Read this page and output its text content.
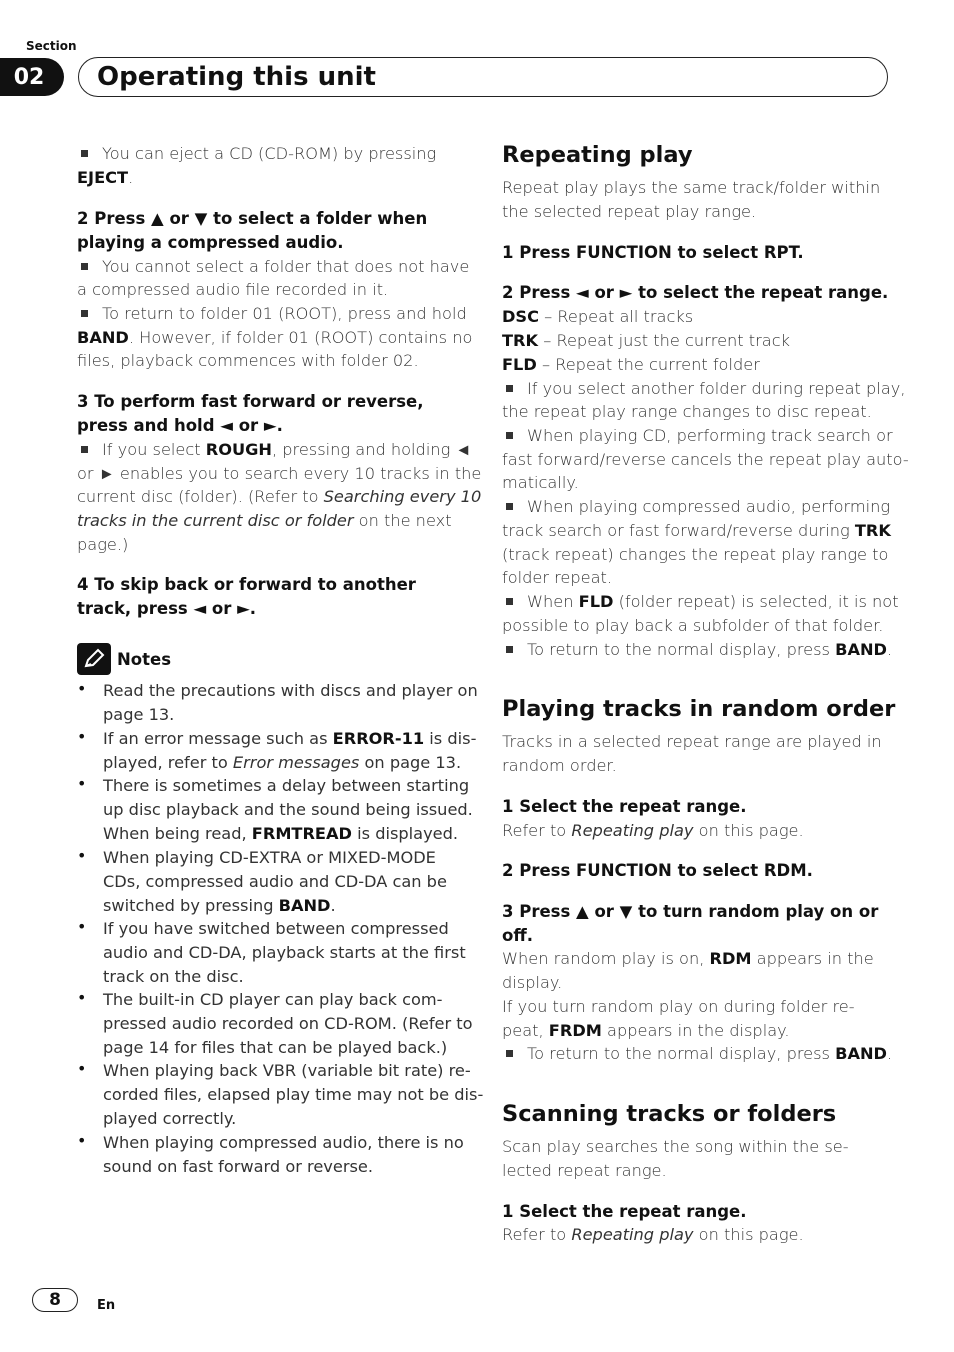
Section
02	Operating this unit
You can eject a CD (CD-ROM) by pressing
EJECT.
2 Press ▲ or ▼ to select a folder when
playing a compressed audio.
You cannot select a folder that does not have
a compressed audio file recorded in it.
To return to folder 01 (ROOT), press and hold
BAND. However, if folder 01 (ROOT) contains no
files, playback commences with folder 02.
3 To perform fast forward or reverse,
press and hold ◄ or ►.
If you select ROUGH, pressing and holding ◄
or ► enables you to search every 10 tracks in the
current disc (folder). (Refer to Searching every 10
tracks in the current disc or folder on the next
page.)
4 To skip back or forward to another
track, press ◄ or ►.
Notes
• Read the precautions with discs and player on
page 13.
• If an error message such as ERROR-11 is dis-
played, refer to Error messages on page 13.
• There is sometimes a delay between starting
up disc playback and the sound being issued.
When being read, FRMTREAD is displayed.
• When playing CD-EXTRA or MIXED-MODE
CDs, compressed audio and CD-DA can be
switched by pressing BAND.
• If you have switched between compressed
audio and CD-DA, playback starts at the first
track on the disc.
• The built-in CD player can play back com-
pressed audio recorded on CD-ROM. (Refer to
page 14 for files that can be played back.)
• When playing back VBR (variable bit rate) re-
corded files, elapsed play time may not be dis-
played correctly.
• When playing compressed audio, there is no
sound on fast forward or reverse.
Repeating play
Repeat play plays the same track/folder within
the selected repeat play range.
1 Press FUNCTION to select RPT.
2 Press ◄ or ► to select the repeat range.
DSC – Repeat all tracks
TRK – Repeat just the current track
FLD – Repeat the current folder
If you select another folder during repeat play,
the repeat play range changes to disc repeat.
When playing CD, performing track search or
fast forward/reverse cancels the repeat play auto-
matically.
When playing compressed audio, performing
track search or fast forward/reverse during TRK
(track repeat) changes the repeat play range to
folder repeat.
When FLD (folder repeat) is selected, it is not
possible to play back a subfolder of that folder.
To return to the normal display, press BAND.
Playing tracks in random order
Tracks in a selected repeat range are played in
random order.
1 Select the repeat range.
Refer to Repeating play on this page.
2 Press FUNCTION to select RDM.
3 Press ▲ or ▼ to turn random play on or
off.
When random play is on, RDM appears in the
display.
If you turn random play on during folder re-
peat, FRDM appears in the display.
To return to the normal display, press BAND.
Scanning tracks or folders
Scan play searches the song within the se-
lected repeat range.
1 Select the repeat range.
Refer to Repeating play on this page.
8	En
